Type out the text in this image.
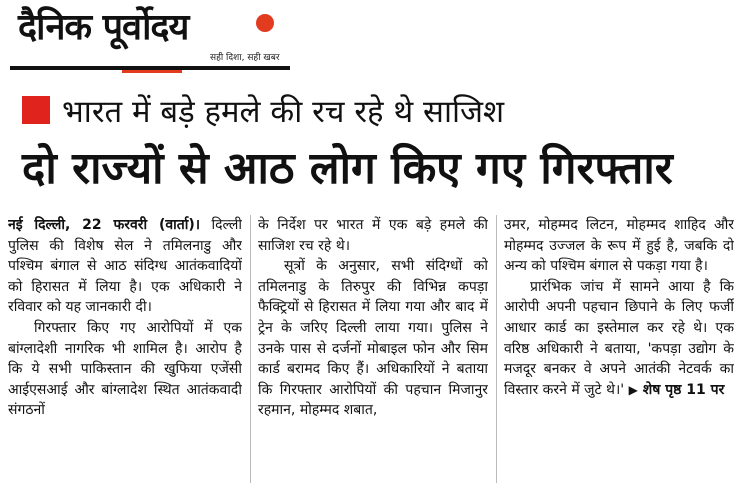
दैनिक पूर्वोदय
सही दिशा, सही खबर
भारत में बड़े हमले की रच रहे थे साजिश
दो राज्यों से आठ लोग किए गए गिरफ्तार

नई दिल्ली, 22 फरवरी (वार्ता)। दिल्ली पुलिस की विशेष सेल ने तमिलनाडु और पश्चिम बंगाल से आठ संदिग्ध आतंकवादियों को हिरासत में लिया है। एक अधिकारी ने रविवार को यह जानकारी दी।

गिरफ्तार किए गए आरोपियों में एक बांग्लादेशी नागरिक भी शामिल है। आरोप है कि ये सभी पाकिस्तान की खुफिया एजेंसी आईएसआई और बांग्लादेश स्थित आतंकवादी संगठनों

के निर्देश पर भारत में एक बड़े हमले की साजिश रच रहे थे।

सूत्रों के अनुसार, सभी संदिग्धों को तमिलनाडु के तिरुपुर की विभिन्न कपड़ा फैक्ट्रियों से हिरासत में लिया गया और बाद में ट्रेन के जरिए दिल्ली लाया गया। पुलिस ने उनके पास से दर्जनों मोबाइल फोन और सिम कार्ड बरामद किए हैं। अधिकारियों ने बताया कि गिरफ्तार आरोपियों की पहचान मिजानुर रहमान, मोहम्मद शबात,

उमर, मोहम्मद लिटन, मोहम्मद शाहिद और मोहम्मद उज्जल के रूप में हुई है, जबकि दो अन्य को पश्चिम बंगाल से पकड़ा गया है।

प्रारंभिक जांच में सामने आया है कि आरोपी अपनी पहचान छिपाने के लिए फर्जी आधार कार्ड का इस्तेमाल कर रहे थे। एक वरिष्ठ अधिकारी ने बताया, 'कपड़ा उद्योग के मजदूर बनकर वे अपने आतंकी नेटवर्क का विस्तार करने में जुटे थे।' ▶ शेष पृष्ठ 11 पर
